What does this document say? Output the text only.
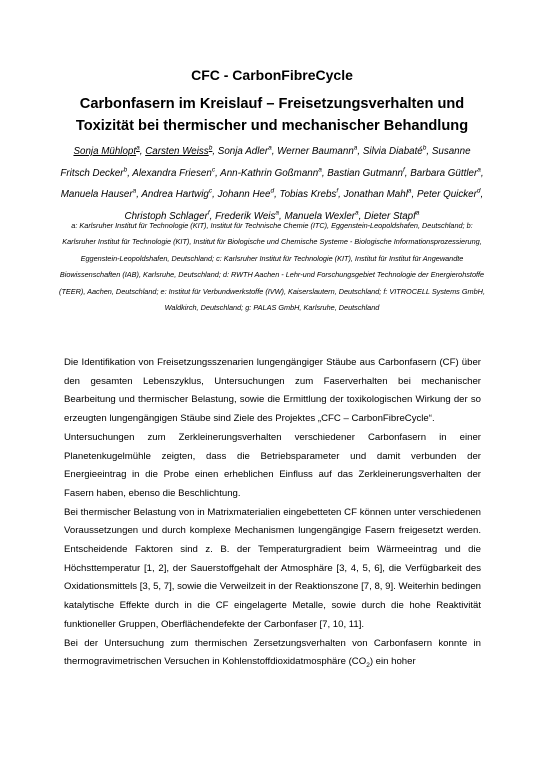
CFC - CarbonFibreCycle
Carbonfasern im Kreislauf – Freisetzungsverhalten und Toxizität bei thermischer und mechanischer Behandlung
Sonja Mühlopt$^a$, Carsten Weiss$^b$, Sonja Adler$^a$, Werner Baumann$^a$, Silvia Diabaté$^b$, Susanne Fritsch Decker$^b$, Alexandra Friesen$^c$, Ann-Kathrin Goßmann$^a$, Bastian Gutmann$^f$, Barbara Güttler$^a$, Manuela Hauser$^a$, Andrea Hartwig$^c$, Johann Hee$^d$, Tobias Krebs$^f$, Jonathan Mahl$^a$, Peter Quicker$^d$, Christoph Schlager$^f$, Frederik Weis$^a$, Manuela Wexler$^a$, Dieter Stapf$^a$
a: Karlsruher Institut für Technologie (KIT), Institut für Technische Chemie (ITC), Eggenstein-Leopoldshafen, Deutschland; b: Karlsruher Institut für Technologie (KIT), Institut für Biologische und Chemische Systeme - Biologische Informationsprozessierung, Eggenstein-Leopoldshafen, Deutschland; c: Karlsruher Institut für Technologie (KIT), Institut für Institut für Angewandte Biowissenschaften (IAB), Karlsruhe, Deutschland; d: RWTH Aachen - Lehr-und Forschungsgebiet Technologie der Energierohstoffe (TEER), Aachen, Deutschland; e: Institut für Verbundwerkstoffe (IVW), Kaiserslautern, Deutschland; f: VITROCELL Systems GmbH, Waldkirch, Deutschland; g: PALAS GmbH, Karlsruhe, Deutschland

Die Identifikation von Freisetzungsszenarien lungengängiger Stäube aus Carbonfasern (CF) über den gesamten Lebenszyklus, Untersuchungen zum Faserverhalten bei mechanischer Bearbeitung und thermischer Belastung, sowie die Ermittlung der toxikologischen Wirkung der so erzeugten lungengängigen Stäube sind Ziele des Projektes „CFC – CarbonFibreCycle“.

Untersuchungen zum Zerkleinerungsverhalten verschiedener Carbonfasern in einer Planetenkugelmühle zeigten, dass die Betriebsparameter und damit verbunden der Energieeintrag in die Probe einen erheblichen Einfluss auf das Zerkleinerungsverhalten der Fasern haben, ebenso die Beschlichtung.

Bei thermischer Belastung von in Matrixmaterialien eingebetteten CF können unter verschiedenen Voraussetzungen und durch komplexe Mechanismen lungengängige Fasern freigesetzt werden. Entscheidende Faktoren sind z. B. der Temperaturgradient beim Wärmeeintrag und die Höchsttemperatur [1, 2], der Sauerstoffgehalt der Atmosphäre [3, 4, 5, 6], die Verfügbarkeit des Oxidationsmittels [3, 5, 7], sowie die Verweilzeit in der Reaktionszone [7, 8, 9]. Weiterhin bedingen katalytische Effekte durch in die CF eingelagerte Metalle, sowie durch die hohe Reaktivität funktioneller Gruppen, Oberflächendefekte der Carbonfaser [7, 10, 11].

Bei der Untersuchung zum thermischen Zersetzungsverhalten von Carbonfasern konnte in thermogravimetrischen Versuchen in Kohlenstoffdioxidatmosphäre $(CO_2)$ ein hoher
